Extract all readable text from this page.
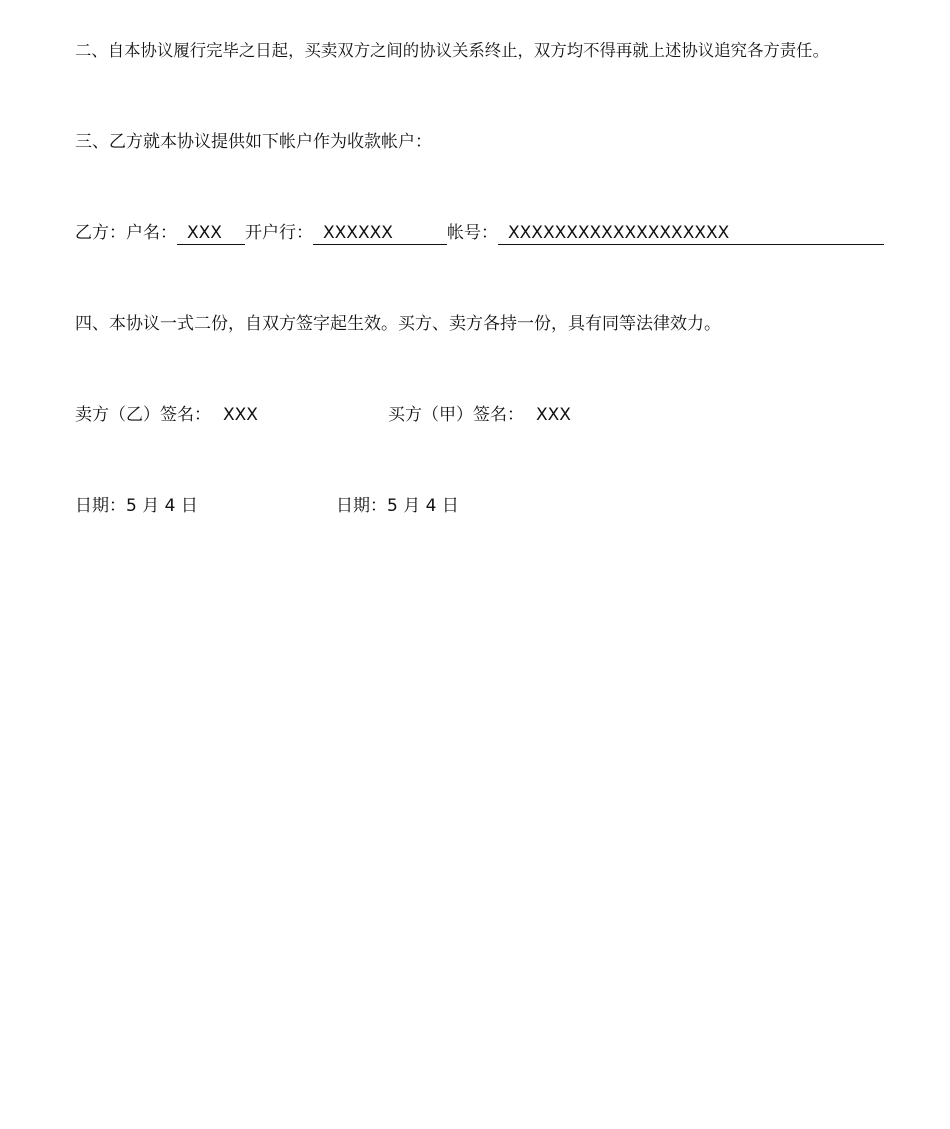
二、自本协议履行完毕之日起，买卖双方之间的协议关系终止，双方均不得再就上述协议追究各方责任。
三、乙方就本协议提供如下帐户作为收款帐户：
乙方：户名： XXX 开户行： XXXXXX	帐号： XXXXXXXXXXXXXXXXXXX
四、本协议一式二份，自双方签字起生效。买方、卖方各持一份，具有同等法律效力。
卖方（乙）签名： XXX	买方（甲）签名： XXX
日期：5 月 4 日	日期：5 月 4 日
